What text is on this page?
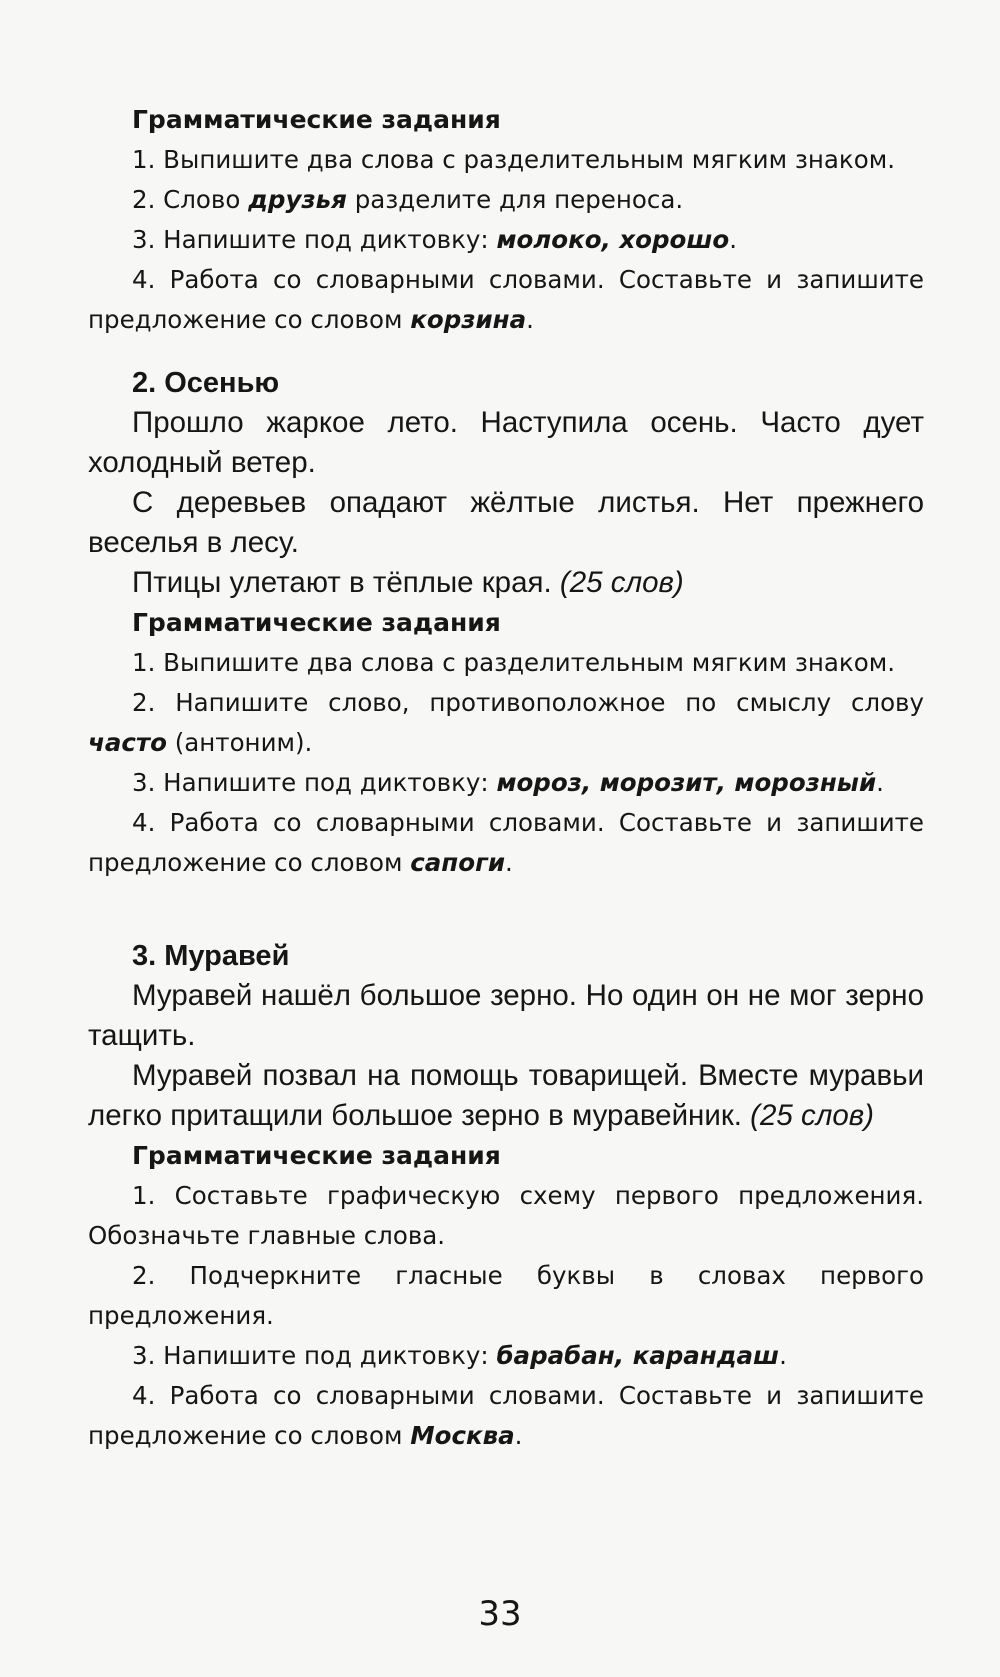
Грамматические задания

1. Выпишите два слова с разделительным мягким знаком.

2. Слово друзья разделите для переноса.

3. Напишите под диктовку: молоко, хорошо.

4. Работа со словарными словами. Составьте и запишите предложение со словом корзина.

2. Осенью

Прошло жаркое лето. Наступила осень. Часто дует холодный ветер.

С деревьев опадают жёлтые листья. Нет прежнего веселья в лесу.

Птицы улетают в тёплые края. (25 слов)

Грамматические задания

1. Выпишите два слова с разделительным мягким знаком.

2. Напишите слово, противоположное по смыслу слову часто (антоним).

3. Напишите под диктовку: мороз, морозит, морозный.

4. Работа со словарными словами. Составьте и запишите предложение со словом сапоги.

3. Муравей

Муравей нашёл большое зерно. Но один он не мог зерно тащить.

Муравей позвал на помощь товарищей. Вместе муравьи легко притащили большое зерно в муравейник. (25 слов)

Грамматические задания

1. Составьте графическую схему первого предложения. Обозначьте главные слова.

2. Подчеркните гласные буквы в словах первого предложения.

3. Напишите под диктовку: барабан, карандаш.

4. Работа со словарными словами. Составьте и запишите предложение со словом Москва.

33
